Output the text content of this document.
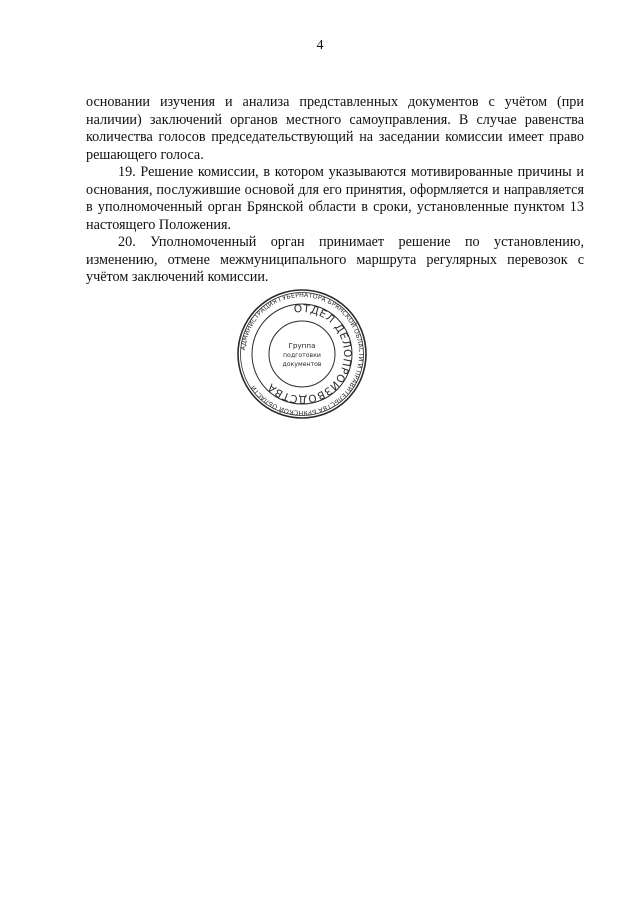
4

основании изучения и анализа представленных документов с учётом (при наличии) заключений органов местного самоуправления. В случае равенства количества голосов председательствующий на заседании комиссии имеет право решающего голоса.

19. Решение комиссии, в котором указываются мотивированные причины и основания, послужившие основой для его принятия, оформляется и направляется в уполномоченный орган Брянской области в сроки, установленные пунктом 13 настоящего Положения.

20. Уполномоченный орган принимает решение по установлению, изменению, отмене межмуниципального маршрута регулярных перевозок с учётом заключений комиссии.

АДМИНИСТРАЦИЯ ГУБЕРНАТОРА БРЯНСКОЙ ОБЛАСТИ И ПРАВИТЕЛЬСТВА БРЯНСКОЙ ОБЛАСТИ
ОТДЕЛ ДЕЛОПРОИЗВОДСТВА
Группа
подготовки
документов
